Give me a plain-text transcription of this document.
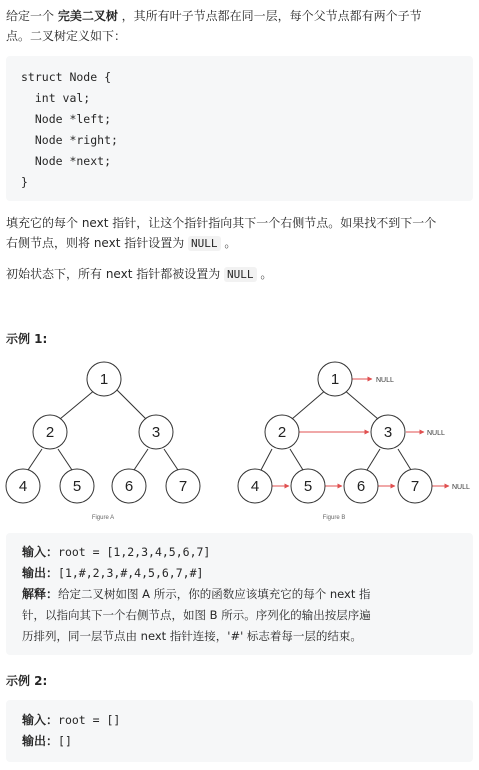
给定一个 完美二叉树 ，其所有叶子节点都在同一层，每个父节点都有两个子节
点。二叉树定义如下：

struct Node {
int val;
Node *left;
Node *right;
Node *next;
}

填充它的每个 next 指针，让这个指针指向其下一个右侧节点。如果找不到下一个
右侧节点，则将 next 指针设置为 NULL 。

初始状态下，所有 next 指针都被设置为 NULL 。

示例 1:
1
2	3
4	5	6	7
Figure A
1
2	3
4	5	6	7
NULL
NULL
NULL
Figure B
输入：root = [1,2,3,4,5,6,7]
输出：[1,#,2,3,#,4,5,6,7,#]
解释：给定二叉树如图 A 所示，你的函数应该填充它的每个 next 指
针，以指向其下一个右侧节点，如图 B 所示。序列化的输出按层序遍
历排列，同一层节点由 next 指针连接，'#' 标志着每一层的结束。
示例 2:
输入：root = []
输出：[]
